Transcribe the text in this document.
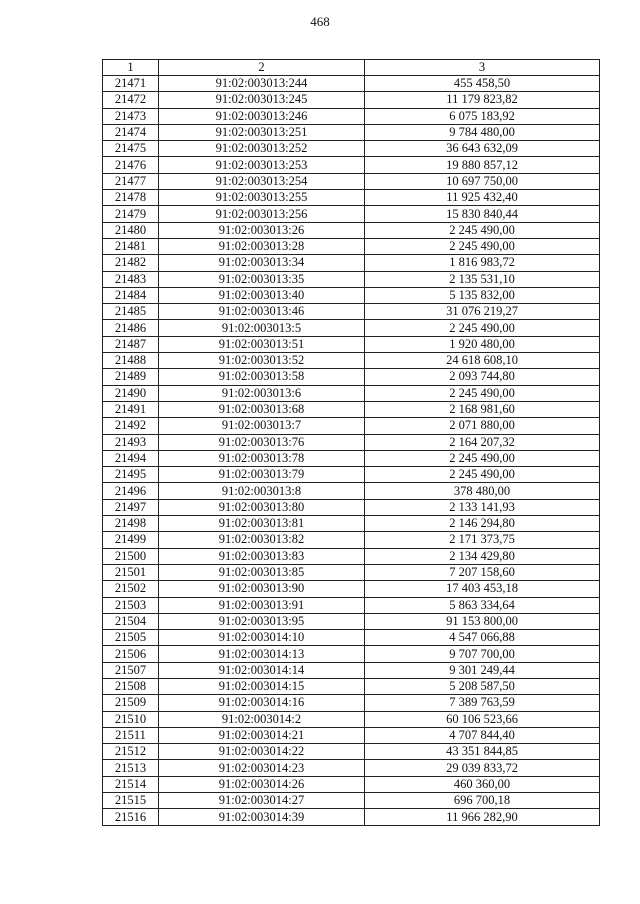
468
1	2	3
21471	91:02:003013:244	455 458,50
21472	91:02:003013:245	11 179 823,82
21473	91:02:003013:246	6 075 183,92
21474	91:02:003013:251	9 784 480,00
21475	91:02:003013:252	36 643 632,09
21476	91:02:003013:253	19 880 857,12
21477	91:02:003013:254	10 697 750,00
21478	91:02:003013:255	11 925 432,40
21479	91:02:003013:256	15 830 840,44
21480	91:02:003013:26	2 245 490,00
21481	91:02:003013:28	2 245 490,00
21482	91:02:003013:34	1 816 983,72
21483	91:02:003013:35	2 135 531,10
21484	91:02:003013:40	5 135 832,00
21485	91:02:003013:46	31 076 219,27
21486	91:02:003013:5	2 245 490,00
21487	91:02:003013:51	1 920 480,00
21488	91:02:003013:52	24 618 608,10
21489	91:02:003013:58	2 093 744,80
21490	91:02:003013:6	2 245 490,00
21491	91:02:003013:68	2 168 981,60
21492	91:02:003013:7	2 071 880,00
21493	91:02:003013:76	2 164 207,32
21494	91:02:003013:78	2 245 490,00
21495	91:02:003013:79	2 245 490,00
21496	91:02:003013:8	378 480,00
21497	91:02:003013:80	2 133 141,93
21498	91:02:003013:81	2 146 294,80
21499	91:02:003013:82	2 171 373,75
21500	91:02:003013:83	2 134 429,80
21501	91:02:003013:85	7 207 158,60
21502	91:02:003013:90	17 403 453,18
21503	91:02:003013:91	5 863 334,64
21504	91:02:003013:95	91 153 800,00
21505	91:02:003014:10	4 547 066,88
21506	91:02:003014:13	9 707 700,00
21507	91:02:003014:14	9 301 249,44
21508	91:02:003014:15	5 208 587,50
21509	91:02:003014:16	7 389 763,59
21510	91:02:003014:2	60 106 523,66
21511	91:02:003014:21	4 707 844,40
21512	91:02:003014:22	43 351 844,85
21513	91:02:003014:23	29 039 833,72
21514	91:02:003014:26	460 360,00
21515	91:02:003014:27	696 700,18
21516	91:02:003014:39	11 966 282,90
